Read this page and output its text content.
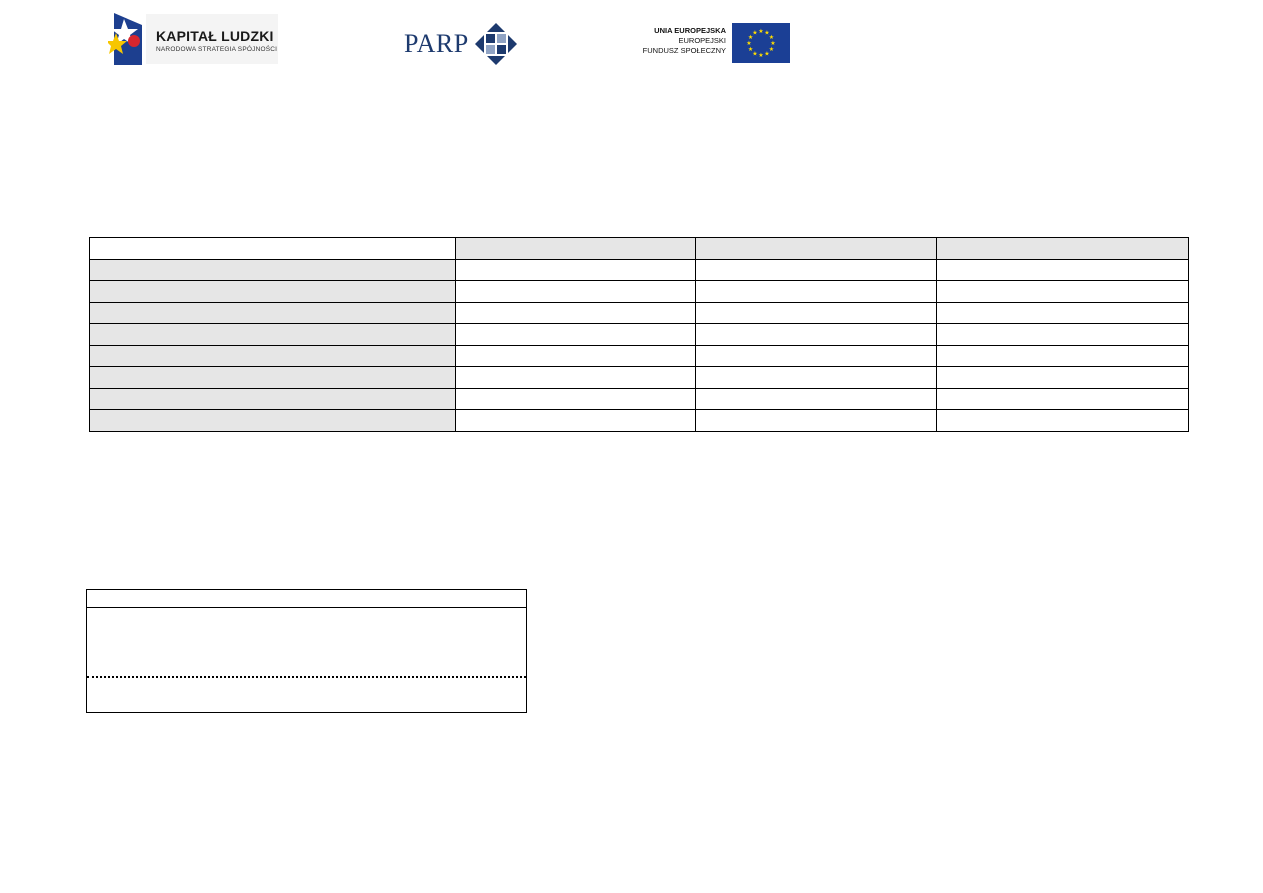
KAPITAŁ LUDZKI
NARODOWA STRATEGIA SPÓJNOŚCI	PARP	UNIA EUROPEJSKA
EUROPEJSKI
FUNDUSZ SPOŁECZNY
★ ★
★
★
★
★
★
★
★
★
★
★
